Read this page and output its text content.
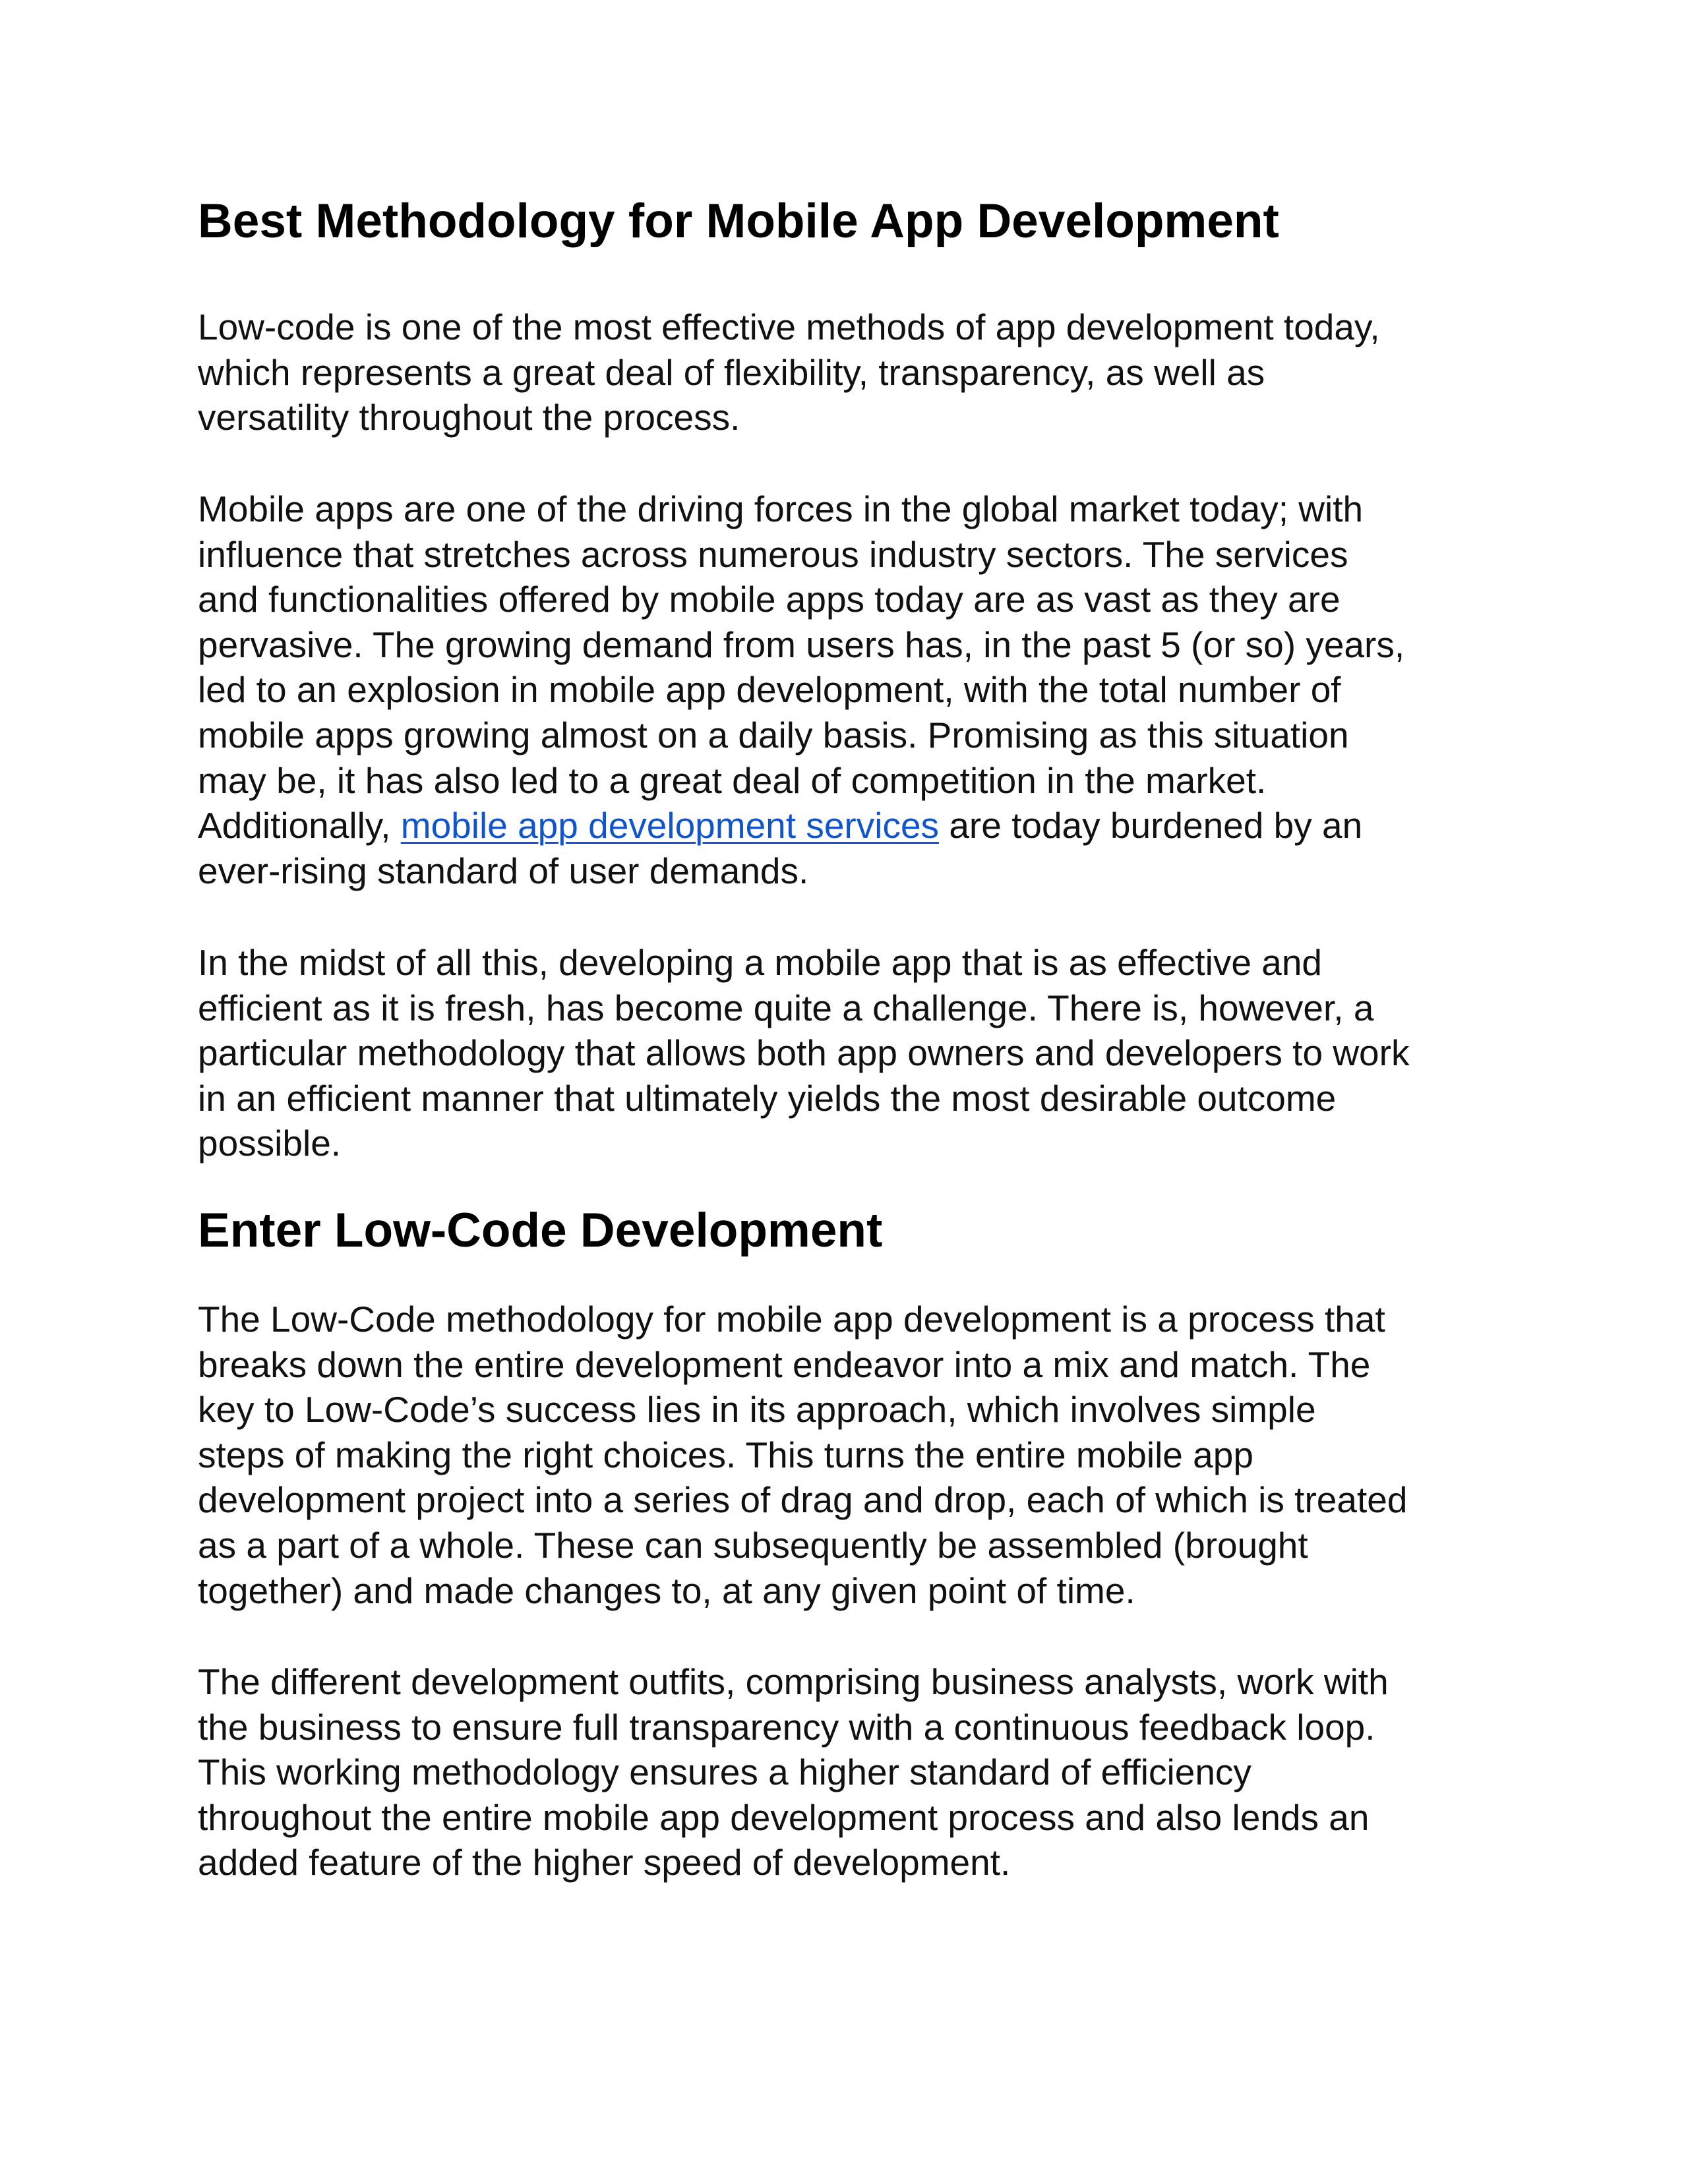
Best Methodology for Mobile App Development

Low-code is one of the most effective methods of app development today,
which represents a great deal of flexibility, transparency, as well as
versatility throughout the process.

Mobile apps are one of the driving forces in the global market today; with
influence that stretches across numerous industry sectors. The services
and functionalities offered by mobile apps today are as vast as they are
pervasive. The growing demand from users has, in the past 5 (or so) years,
led to an explosion in mobile app development, with the total number of
mobile apps growing almost on a daily basis. Promising as this situation
may be, it has also led to a great deal of competition in the market.
Additionally, mobile app development services are today burdened by an
ever-rising standard of user demands.

In the midst of all this, developing a mobile app that is as effective and
efficient as it is fresh, has become quite a challenge. There is, however, a
particular methodology that allows both app owners and developers to work
in an efficient manner that ultimately yields the most desirable outcome
possible.

Enter Low-Code Development

The Low-Code methodology for mobile app development is a process that
breaks down the entire development endeavor into a mix and match. The
key to Low-Code’s success lies in its approach, which involves simple
steps of making the right choices. This turns the entire mobile app
development project into a series of drag and drop, each of which is treated
as a part of a whole. These can subsequently be assembled (brought
together) and made changes to, at any given point of time.

The different development outfits, comprising business analysts, work with
the business to ensure full transparency with a continuous feedback loop.
This working methodology ensures a higher standard of efficiency
throughout the entire mobile app development process and also lends an
added feature of the higher speed of development.
